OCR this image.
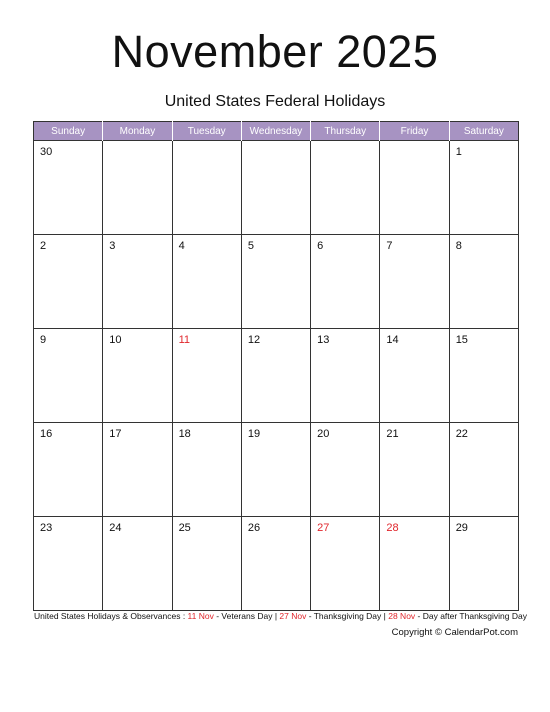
November 2025
United States Federal Holidays
Sunday	Monday	Tuesday	Wednesday	Thursday	Friday	Saturday
30						1
2	3	4	5	6	7	8
9	10	11	12	13	14	15
16	17	18	19	20	21	22
23	24	25	26	27	28	29
United States Holidays & Observances : 11 Nov - Veterans Day | 27 Nov - Thanksgiving Day | 28 Nov - Day after Thanksgiving Day
Copyright © CalendarPot.com
